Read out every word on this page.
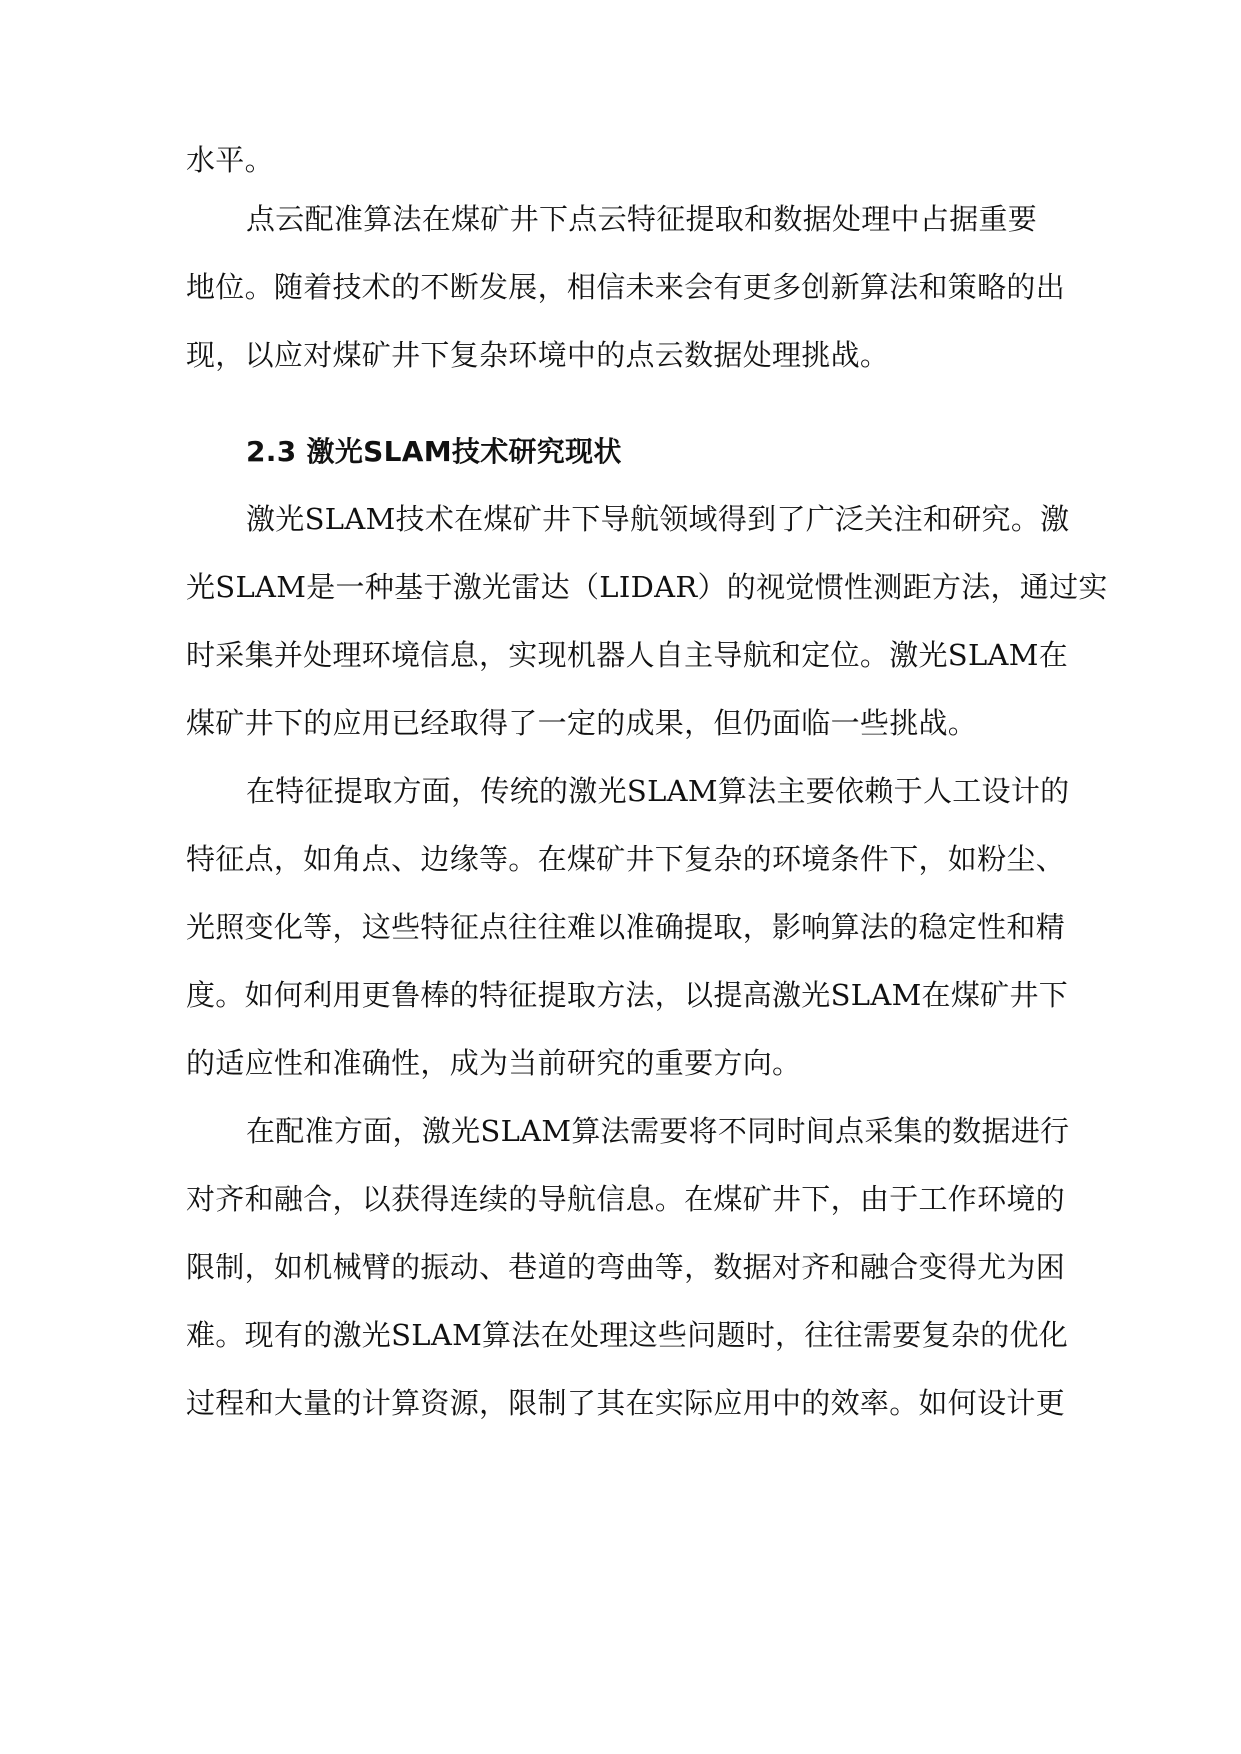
水平。
点云配准算法在煤矿井下点云特征提取和数据处理中占据重要
地位。随着技术的不断发展，相信未来会有更多创新算法和策略的出
现，以应对煤矿井下复杂环境中的点云数据处理挑战。
2.3 激光SLAM技术研究现状
激光SLAM技术在煤矿井下导航领域得到了广泛关注和研究。激
光SLAM是一种基于激光雷达（LIDAR）的视觉惯性测距方法，通过实
时采集并处理环境信息，实现机器人自主导航和定位。激光SLAM在
煤矿井下的应用已经取得了一定的成果，但仍面临一些挑战。
在特征提取方面，传统的激光SLAM算法主要依赖于人工设计的
特征点，如角点、边缘等。在煤矿井下复杂的环境条件下，如粉尘、
光照变化等，这些特征点往往难以准确提取，影响算法的稳定性和精
度。如何利用更鲁棒的特征提取方法，以提高激光SLAM在煤矿井下
的适应性和准确性，成为当前研究的重要方向。
在配准方面，激光SLAM算法需要将不同时间点采集的数据进行
对齐和融合，以获得连续的导航信息。在煤矿井下，由于工作环境的
限制，如机械臂的振动、巷道的弯曲等，数据对齐和融合变得尤为困
难。现有的激光SLAM算法在处理这些问题时，往往需要复杂的优化
过程和大量的计算资源，限制了其在实际应用中的效率。如何设计更
